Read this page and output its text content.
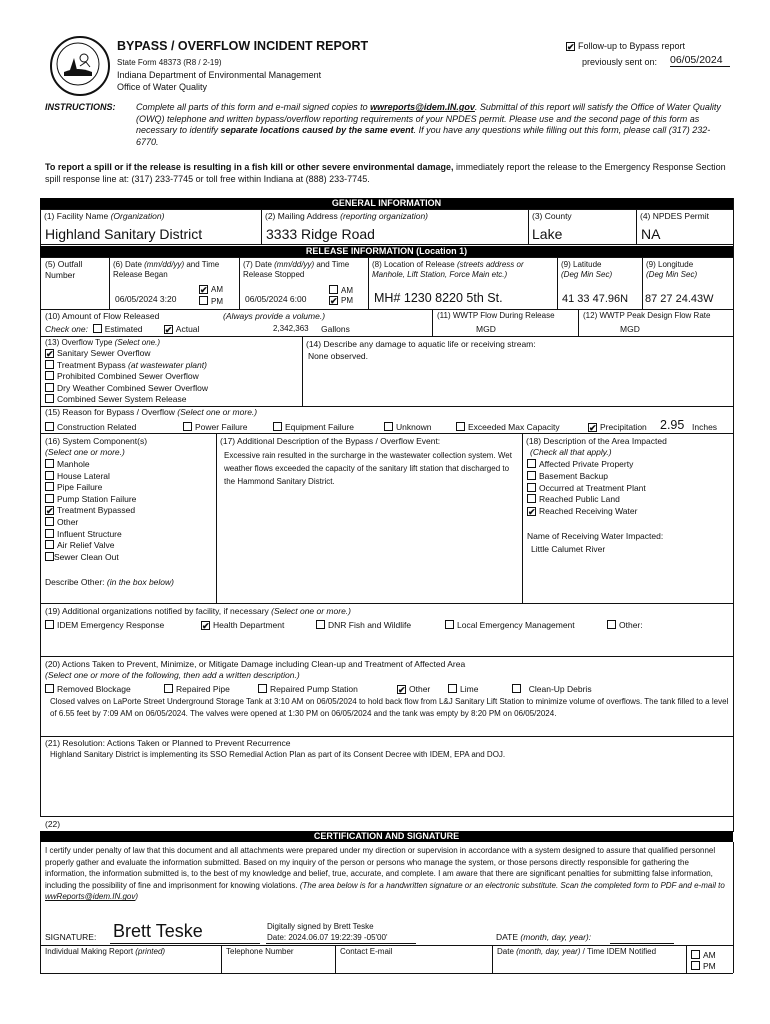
BYPASS / OVERFLOW INCIDENT REPORT
State Form 48373 (R8 / 2-19)
Indiana Department of Environmental Management
Office of Water Quality
✔ Follow-up to Bypass report
previously sent on: 06/05/2024
INSTRUCTIONS: Complete all parts of this form and e-mail signed copies to wwreports@idem.IN.gov. Submittal of this report will satisfy the Office of Water Quality (OWQ) telephone and written bypass/overflow reporting requirements of your NPDES permit. Please use and the second page of this form as necessary to identify separate locations caused by the same event. If you have any questions while filling out this form, please call (317) 232-6770.
To report a spill or if the release is resulting in a fish kill or other severe environmental damage, immediately report the release to the Emergency Response Section spill response line at: (317) 233-7745 or toll free within Indiana at (888) 233-7745.
GENERAL INFORMATION
(1) Facility Name (Organization)
Highland Sanitary District
(2) Mailing Address (reporting organization)
3333 Ridge Road
(3) County
Lake
(4) NPDES Permit
NA
RELEASE INFORMATION (Location 1)
(5) Outfall Number
(6) Date (mm/dd/yy) and Time Release Began
06/05/2024 3:20
✔ AM
PM
(7) Date (mm/dd/yy) and Time Release Stopped
06/05/2024 6:00
AM
✔ PM
(8) Location of Release (streets address or Manhole, Lift Station, Force Main etc.)
MH# 1230 8220 5th St.
(9) Latitude
(Deg Min Sec)
41 33 47.96N
(9) Longitude
(Deg Min Sec)
87 27 24.43W
(10) Amount of Flow Released	(Always provide a volume.)
Check one: Estimated ✔ Actual	2,342,363 Gallons
(11) WWTP Flow During Release
MGD
(12) WWTP Peak Design Flow Rate
MGD
(13) Overflow Type (Select one.)
✔ Sanitary Sewer Overflow
Treatment Bypass (at wastewater plant)
Prohibited Combined Sewer Overflow
Dry Weather Combined Sewer Overflow
Combined Sewer System Release
(14) Describe any damage to aquatic life or receiving stream:
None observed.
(15) Reason for Bypass / Overflow (Select one or more.)
Construction Related	Power Failure	Equipment Failure	Unknown	Exceeded Max Capacity	✔ Precipitation 2.95 Inches
(16) System Component(s)
(Select one or more.)
Manhole
House Lateral
Pipe Failure
Pump Station Failure
✔ Treatment Bypassed
Other
Influent Structure
Air Relief Valve
Sewer Clean Out
Describe Other: (in the box below)
(17) Additional Description of the Bypass / Overflow Event:
Excessive rain resulted in the surcharge in the wastewater collection system. Wet weather flows exceeded the capacity of the sanitary lift station that discharged to the Hammond Sanitary District.
(18) Description of the Area Impacted
(Check all that apply.)
Affected Private Property
Basement Backup
Occurred at Treatment Plant
Reached Public Land
✔ Reached Receiving Water
Name of Receiving Water Impacted:
Little Calumet River
(19) Additional organizations notified by facility, if necessary (Select one or more.)
IDEM Emergency Response	✔ Health Department	DNR Fish and Wildlife	Local Emergency Management	Other:
(20) Actions Taken to Prevent, Minimize, or Mitigate Damage including Clean-up and Treatment of Affected Area
(Select one or more of the following, then add a written description.)
Removed Blockage	Repaired Pipe	Repaired Pump Station	✔ Other	Lime	Clean-Up Debris
Closed valves on LaPorte Street Underground Storage Tank at 3:10 AM on 06/05/2024 to hold back flow from L&J Sanitary Lift Station to minimize volume of overflows. The tank filled to a level of 6.55 feet by 7:09 AM on 06/05/2024. The valves were opened at 1:30 PM on 06/05/2024 and the tank was empty by 8:20 PM on 06/05/2024.
(21) Resolution: Actions Taken or Planned to Prevent Recurrence
Highland Sanitary District is implementing its SSO Remedial Action Plan as part of its Consent Decree with IDEM, EPA and DOJ.
(22)
CERTIFICATION AND SIGNATURE
I certify under penalty of law that this document and all attachments were prepared under my direction or supervision in accordance with a system designed to assure that qualified personnel properly gather and evaluate the information submitted. Based on my inquiry of the person or persons who manage the system, or those persons directly responsible for gathering the information, the information submitted is, to the best of my knowledge and belief, true, accurate, and complete. I am aware that there are significant penalties for submitting false information, including the possibility of fine and imprisonment for knowing violations. (The area below is for a handwritten signature or an electronic substitute. Scan the completed form to PDF and e-mail to wwReports@idem.IN.gov)
SIGNATURE: Brett Teske	Digitally signed by Brett Teske
Date: 2024.06.07 19:22:39 -05'00'	DATE (month, day, year):
Individual Making Report (printed)	Telephone Number	Contact E-mail	Date (month, day, year) / Time IDEM Notified	AM
PM
